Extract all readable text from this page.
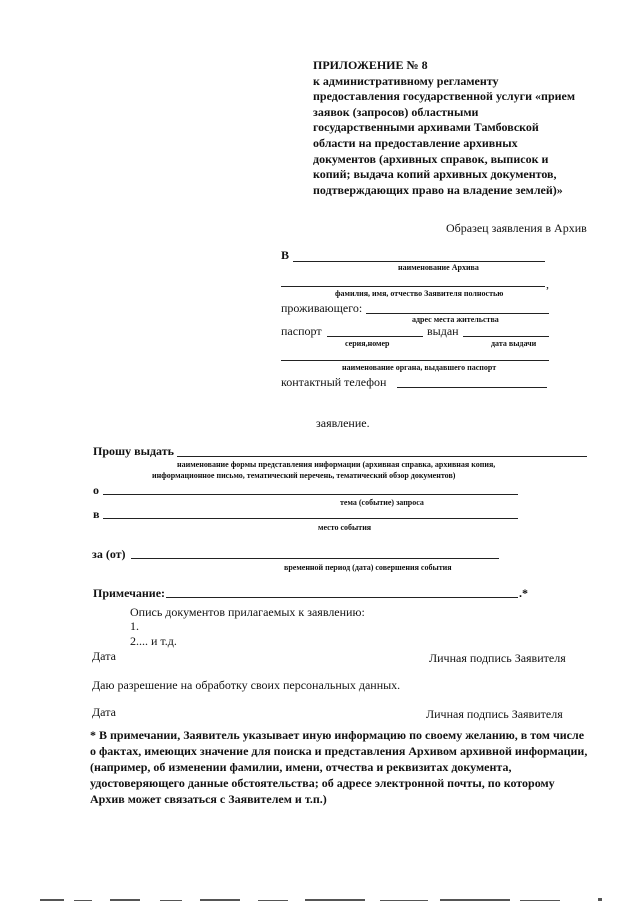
ПРИЛОЖЕНИЕ № 8
к административному регламенту
предоставления государственной услуги «прием
заявок (запросов) областными
государственными архивами Тамбовской
области на предоставление архивных
документов (архивных справок, выписок и
копий; выдача копий архивных документов,
подтверждающих право на владение землей)»
Образец заявления в Архив
В
наименование Архива
,
фамилия, имя, отчество Заявителя полностью
проживающего:
адрес места жительства
паспорт	выдан
серия,номер	дата выдачи
наименование органа, выдавшего паспорт
контактный телефон
заявление.
Прошу выдать
наименование формы представления информации (архивная справка, архивная копия,
информационное письмо, тематический перечень, тематический обзор документов)
о
тема (событие) запроса
в
место события
за (от)
временной период (дата) совершения события
Примечание:	.*
Опись документов прилагаемых к заявлению:
1.
2.... и т.д.
Дата	Личная подпись Заявителя
Даю разрешение на обработку своих персональных данных.
Дата	Личная подпись Заявителя
* В примечании, Заявитель указывает иную информацию по своему желанию, в том числе
о фактах, имеющих значение для поиска и представления Архивом архивной информации,
(например, об изменении фамилии, имени, отчества и реквизитах документа,
удостоверяющего данные обстоятельства; об адресе электронной почты, по которому
Архив может связаться с Заявителем и т.п.)
